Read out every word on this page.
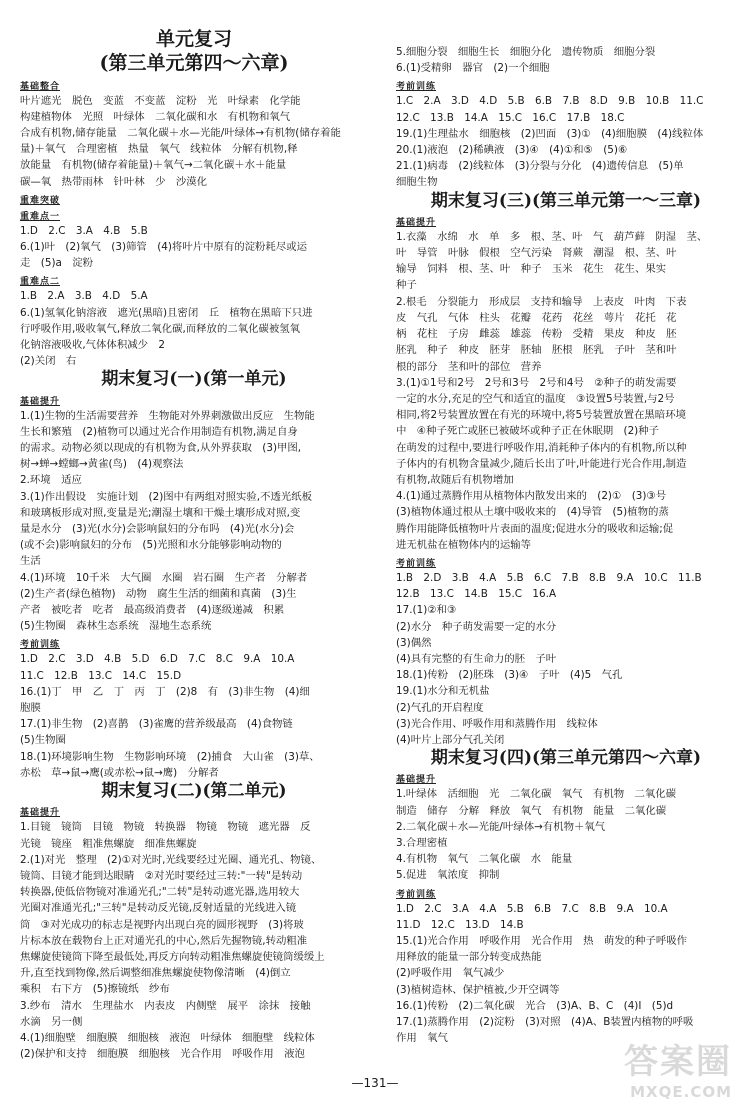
单元复习
(第三单元第四～六章)
基础整合
叶片遮光　脱色　变蓝　不变蓝　淀粉　光　叶绿素　化学能
构建植物体　光照　叶绿体　二氧化碳和水　有机物和氧气
合成有机物,储存能量　二氧化碳＋水—光能/叶绿体→有机物(储存着能
量)＋氧气　合理密植　热量　氧气　线粒体　分解有机物,释
放能量　有机物(储存着能量)＋氧气→二氧化碳＋水＋能量
碳—氧　热带雨林　针叶林　少　沙漠化
重难突破
重难点一
1.D　2.C　3.A　4.B　5.B
6.(1)叶　(2)氧气　(3)筛管　(4)将叶片中原有的淀粉耗尽或运
走　(5)a　淀粉
重难点二
1.B　2.A　3.B　4.D　5.A
6.(1)氢氧化钠溶液　遮光(黑暗)且密闭　丘　植物在黑暗下只进
行呼吸作用,吸收氧气,释放二氧化碳,而释放的二氧化碳被氢氧
化钠溶液吸收,气体体积减少　2
(2)关闭　右
期末复习(一)(第一单元)
基础提升
1.(1)生物的生活需要营养　生物能对外界刺激做出反应　生物能
生长和繁殖　(2)植物可以通过光合作用制造有机物,满足自身
的需求。动物必须以现成的有机物为食,从外界获取　(3)甲图,
树→蝉→螳螂→黄雀(鸟)　(4)观察法
2.环境　适应
3.(1)作出假设　实施计划　(2)图中有两组对照实验,不透光纸板
和玻璃板形成对照,变量是光;潮湿土壤和干燥土壤形成对照,变
量是水分　(3)光(水分)会影响鼠妇的分布吗　(4)光(水分)会
(或不会)影响鼠妇的分布　(5)光照和水分能够影响动物的
生活
4.(1)环境　10千米　大气圈　水圈　岩石圈　生产者　分解者
(2)生产者(绿色植物)　动物　腐生生活的细菌和真菌　(3)生
产者　被吃者　吃者　最高级消费者　(4)逐级递减　积累
(5)生物圈　森林生态系统　湿地生态系统
考前训练
1.D　2.C　3.D　4.B　5.D　6.D　7.C　8.C　9.A　10.A
11.C　12.B　13.C　14.C　15.D
16.(1)丁　甲　乙　丁　丙　丁　(2)8　有　(3)非生物　(4)细
胞膜
17.(1)非生物　(2)喜鹊　(3)雀鹰的营养级最高　(4)食物链
(5)生物圈
18.(1)环境影响生物　生物影响环境　(2)捕食　大山雀　(3)草、
赤松　草→鼠→鹰(或赤松→鼠→鹰)　分解者
期末复习(二)(第二单元)
基础提升
1.目镜　镜筒　目镜　物镜　转换器　物镜　物镜　遮光器　反
光镜　镜座　粗准焦螺旋　细准焦螺旋
2.(1)对光　整理　(2)①对光时,光线要经过光圈、通光孔、物镜、
镜筒、目镜才能到达眼睛　②对光时要经过三转:"一转"是转动
转换器,使低倍物镜对准通光孔;"二转"是转动遮光器,选用较大
光圈对准通光孔;"三转"是转动反光镜,反射适量的光线进入镜
筒　③对光成功的标志是视野内出现白亮的圆形视野　(3)将玻
片标本放在载物台上正对通光孔的中心,然后先握物镜,转动粗准
焦螺旋使镜筒下降至最低处,再反方向转动粗准焦螺旋使镜筒缓缓上
升,直至找到物像,然后调整细准焦螺旋使物像清晰　(4)倒立
乘积　右下方　(5)擦镜纸　纱布
3.纱布　清水　生理盐水　内表皮　内侧壁　展平　涂抹　接触
水滴　另一侧
4.(1)细胞壁　细胞膜　细胞核　液泡　叶绿体　细胞壁　线粒体
(2)保护和支持　细胞膜　细胞核　光合作用　呼吸作用　液泡
5.细胞分裂　细胞生长　细胞分化　遗传物质　细胞分裂
6.(1)受精卵　器官　(2)一个细胞
考前训练
1.C　2.A　3.D　4.D　5.B　6.B　7.B　8.D　9.B　10.B　11.C
12.C　13.B　14.A　15.C　16.C　17.B　18.C
19.(1)生理盐水　细胞核　(2)凹面　(3)①　(4)细胞膜　(4)线粒体
20.(1)液泡　(2)稀碘液　(3)④　(4)①和⑤　(5)⑥
21.(1)病毒　(2)线粒体　(3)分裂与分化　(4)遗传信息　(5)单
细胞生物
期末复习(三)(第三单元第一～三章)
基础提升
1.衣藻　水绵　水　单　多　根、茎、叶　气　葫芦藓　阴湿　茎、
叶　导管　叶脉　假根　空气污染　肾蕨　潮湿　根、茎、叶　
输导　饲料　根、茎、叶　种子　玉米　花生　花生、果实　
种子
2.根毛　分裂能力　形成层　支持和输导　上表皮　叶肉　下表
皮　气孔　气体　柱头　花瓣　花药　花丝　萼片　花托　花
柄　花柱　子房　雌蕊　雄蕊　传粉　受精　果皮　种皮　胚
胚乳　种子　种皮　胚芽　胚轴　胚根　胚乳　子叶　茎和叶
根的部分　茎和叶的部位　营养
3.(1)①1号和2号　2号和3号　2号和4号　②种子的萌发需要
一定的水分,充足的空气和适宜的温度　③设置5号装置,与2号
相同,将2号装置放置在有光的环境中,将5号装置放置在黑暗环境
中　④种子死亡或胚已被破坏或种子正在休眠期　(2)种子
在萌发的过程中,要进行呼吸作用,消耗种子体内的有机物,所以种
子体内的有机物含量减少,随后长出了叶,叶能进行光合作用,制造
有机物,故随后有机物增加
4.(1)通过蒸腾作用从植物体内散发出来的　(2)①　(3)③号
(3)植物体通过根从土壤中吸收来的　(4)导管　(5)植物的蒸
腾作用能降低植物叶片表面的温度;促进水分的吸收和运输;促
进无机盐在植物体内的运输等
考前训练
1.B　2.D　3.B　4.A　5.B　6.C　7.B　8.B　9.A　10.C　11.B
12.B　13.C　14.B　15.C　16.A
17.(1)②和③
(2)水分　种子萌发需要一定的水分
(3)偶然
(4)具有完整的有生命力的胚　子叶
18.(1)传粉　(2)胚珠　(3)④　子叶　(4)5　气孔
19.(1)水分和无机盐
(2)气孔的开启程度
(3)光合作用、呼吸作用和蒸腾作用　线粒体
(4)叶片上部分气孔关闭
期末复习(四)(第三单元第四～六章)
基础提升
1.叶绿体　活细胞　光　二氧化碳　氧气　有机物　二氧化碳
制造　储存　分解　释放　氧气　有机物　能量　二氧化碳
2.二氧化碳＋水—光能/叶绿体→有机物＋氧气
3.合理密植
4.有机物　氧气　二氧化碳　水　能量
5.促进　氧浓度　抑制
考前训练
1.D　2.C　3.A　4.A　5.B　6.B　7.C　8.B　9.A　10.A
11.D　12.C　13.D　14.B
15.(1)光合作用　呼吸作用　光合作用　热　萌发的种子呼吸作
用释放的能量一部分转变成热能
(2)呼吸作用　氧气减少
(3)植树造林、保护植被,少开空调等
16.(1)传粉　(2)二氧化碳　光合　(3)A、B、C　(4)Ⅰ　(5)d
17.(1)蒸腾作用　(2)淀粉　(3)对照　(4)A、B装置内植物的呼吸
作用　氧气
—131—
答案圈
MXQE.COM
